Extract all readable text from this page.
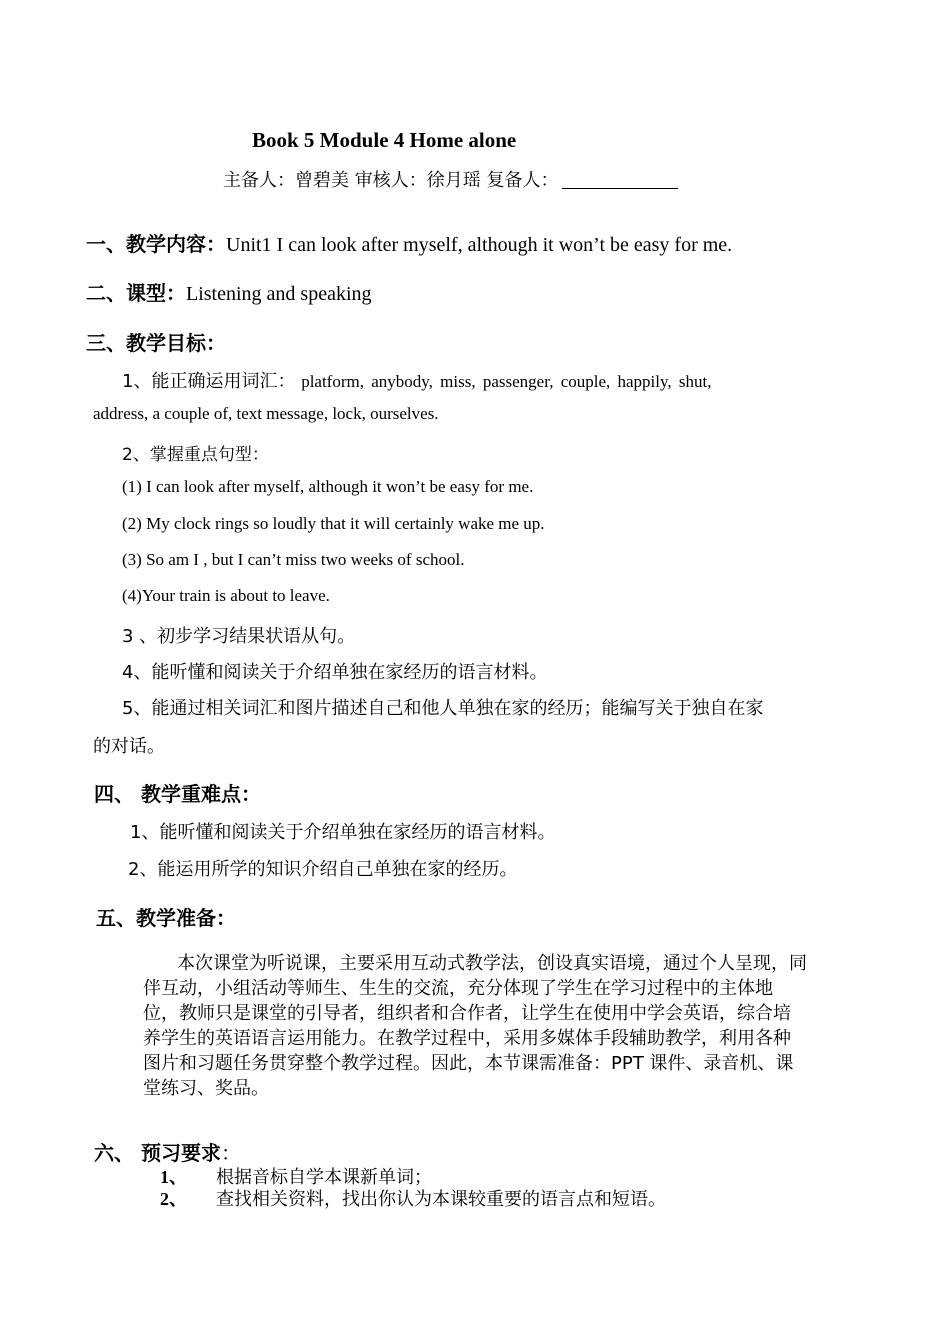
Book 5 Module 4 Home alone
主备人：曾碧美 审核人：徐月瑶 复备人：
一、教学内容：Unit1 I can look after myself, although it won’t be easy for me.
二、课型：Listening and speaking
三、教学目标：
1、能正确运用词汇： platform, anybody, miss, passenger, couple, happily, shut,
address, a couple of, text message, lock, ourselves.
2、掌握重点句型：
(1) I can look after myself, although it won’t be easy for me.
(2) My clock rings so loudly that it will certainly wake me up.
(3) So am I , but I can’t miss two weeks of school.
(4)Your train is about to leave.
3 、初步学习结果状语从句。
4、能听懂和阅读关于介绍单独在家经历的语言材料。
5、能通过相关词汇和图片描述自己和他人单独在家的经历；能编写关于独自在家
的对话。
四、 教学重难点：
1、能听懂和阅读关于介绍单独在家经历的语言材料。
2、能运用所学的知识介绍自己单独在家的经历。
五、教学准备：
本次课堂为听说课，主要采用互动式教学法，创设真实语境，通过个人呈现，同伴互动，小组活动等师生、生生的交流，充分体现了学生在学习过程中的主体地位，教师只是课堂的引导者，组织者和合作者，让学生在使用中学会英语，综合培养学生的英语语言运用能力。在教学过程中，采用多媒体手段辅助教学，利用各种图片和习题任务贯穿整个教学过程。因此，本节课需准备：PPT 课件、录音机、课堂练习、奖品。
六、 预习要求：
1、 根据音标自学本课新单词；
2、 查找相关资料，找出你认为本课较重要的语言点和短语。
